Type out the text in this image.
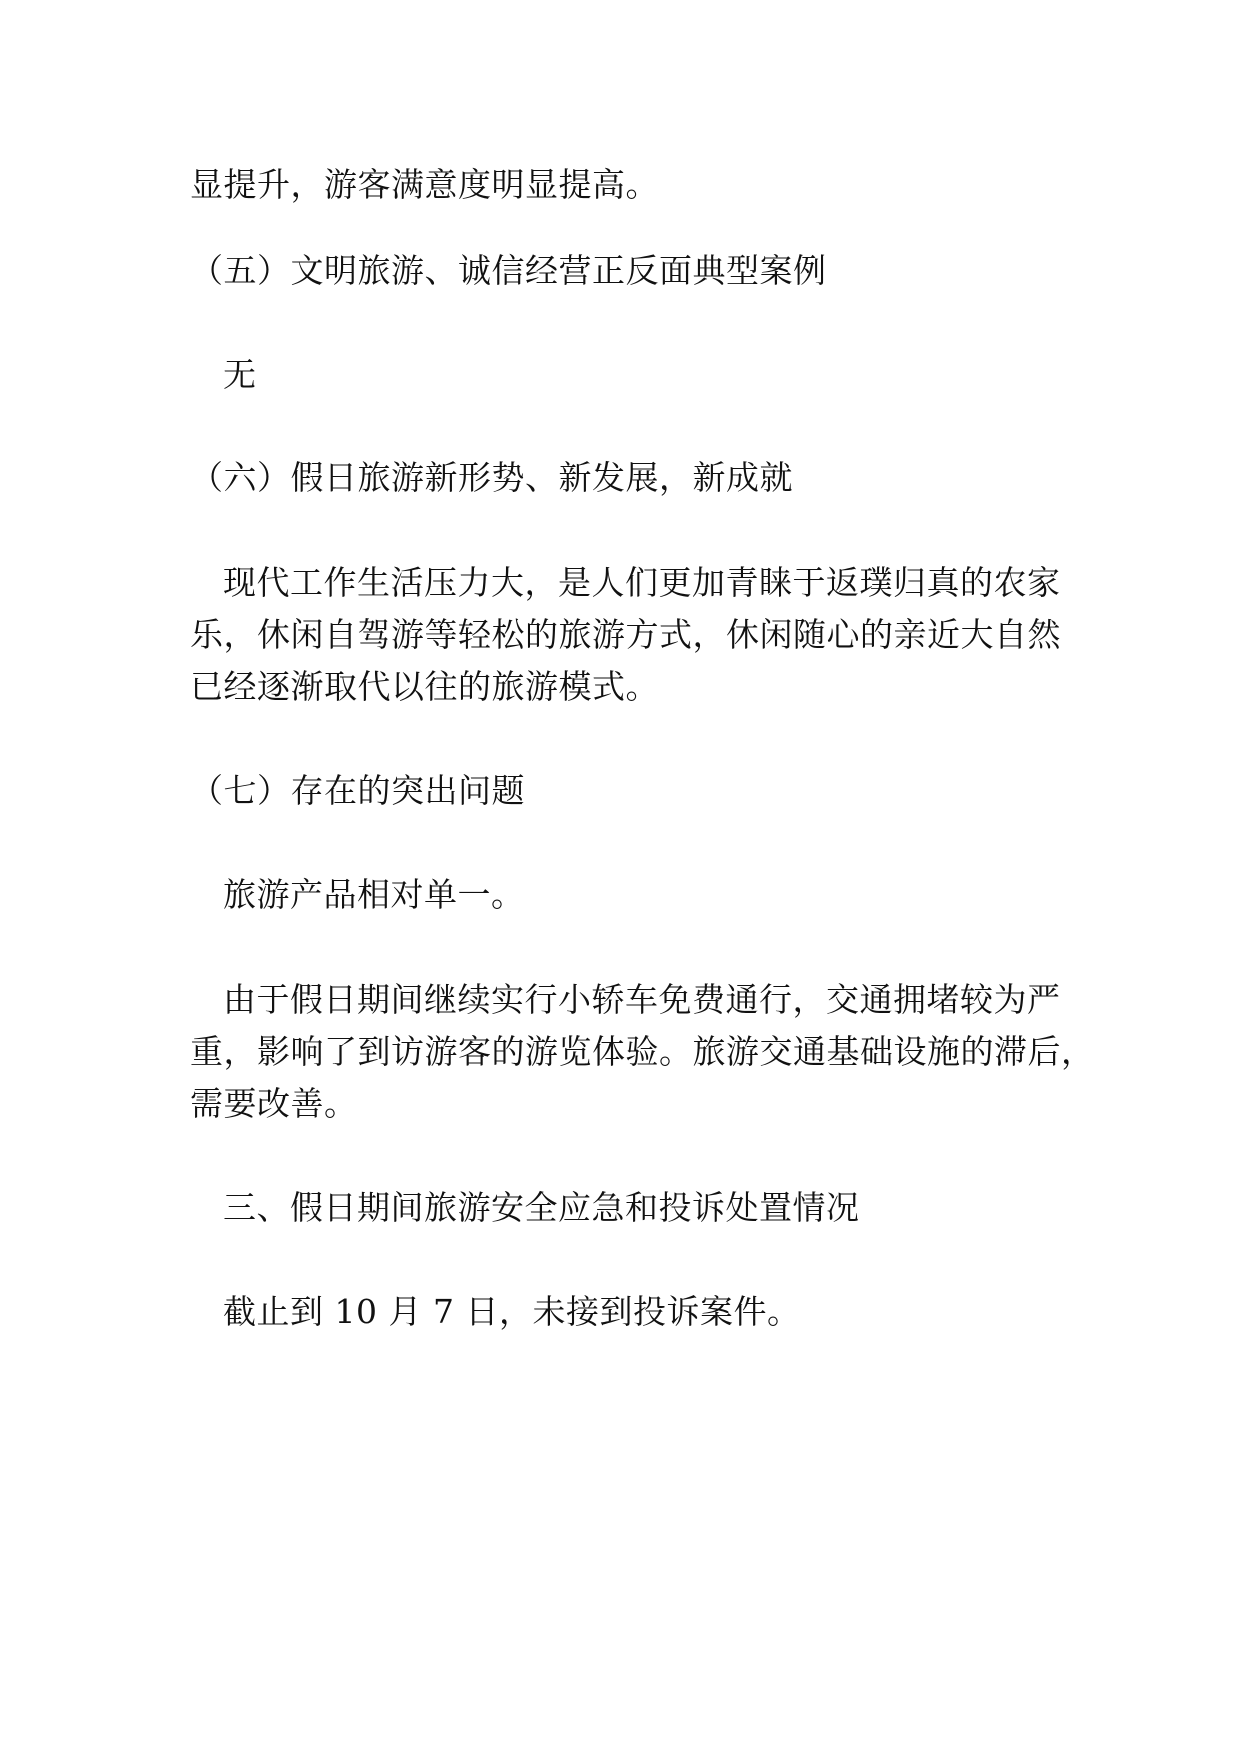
显提升，游客满意度明显提高。

（五）文明旅游、诚信经营正反面典型案例

无

（六）假日旅游新形势、新发展，新成就

现代工作生活压力大，是人们更加青睐于返璞归真的农家

乐，休闲自驾游等轻松的旅游方式，休闲随心的亲近大自然

已经逐渐取代以往的旅游模式。

（七）存在的突出问题

旅游产品相对单一。

由于假日期间继续实行小轿车免费通行，交通拥堵较为严

重，影响了到访游客的游览体验。旅游交通基础设施的滞后，

需要改善。

三、假日期间旅游安全应急和投诉处置情况

截止到 10 月 7 日，未接到投诉案件。
